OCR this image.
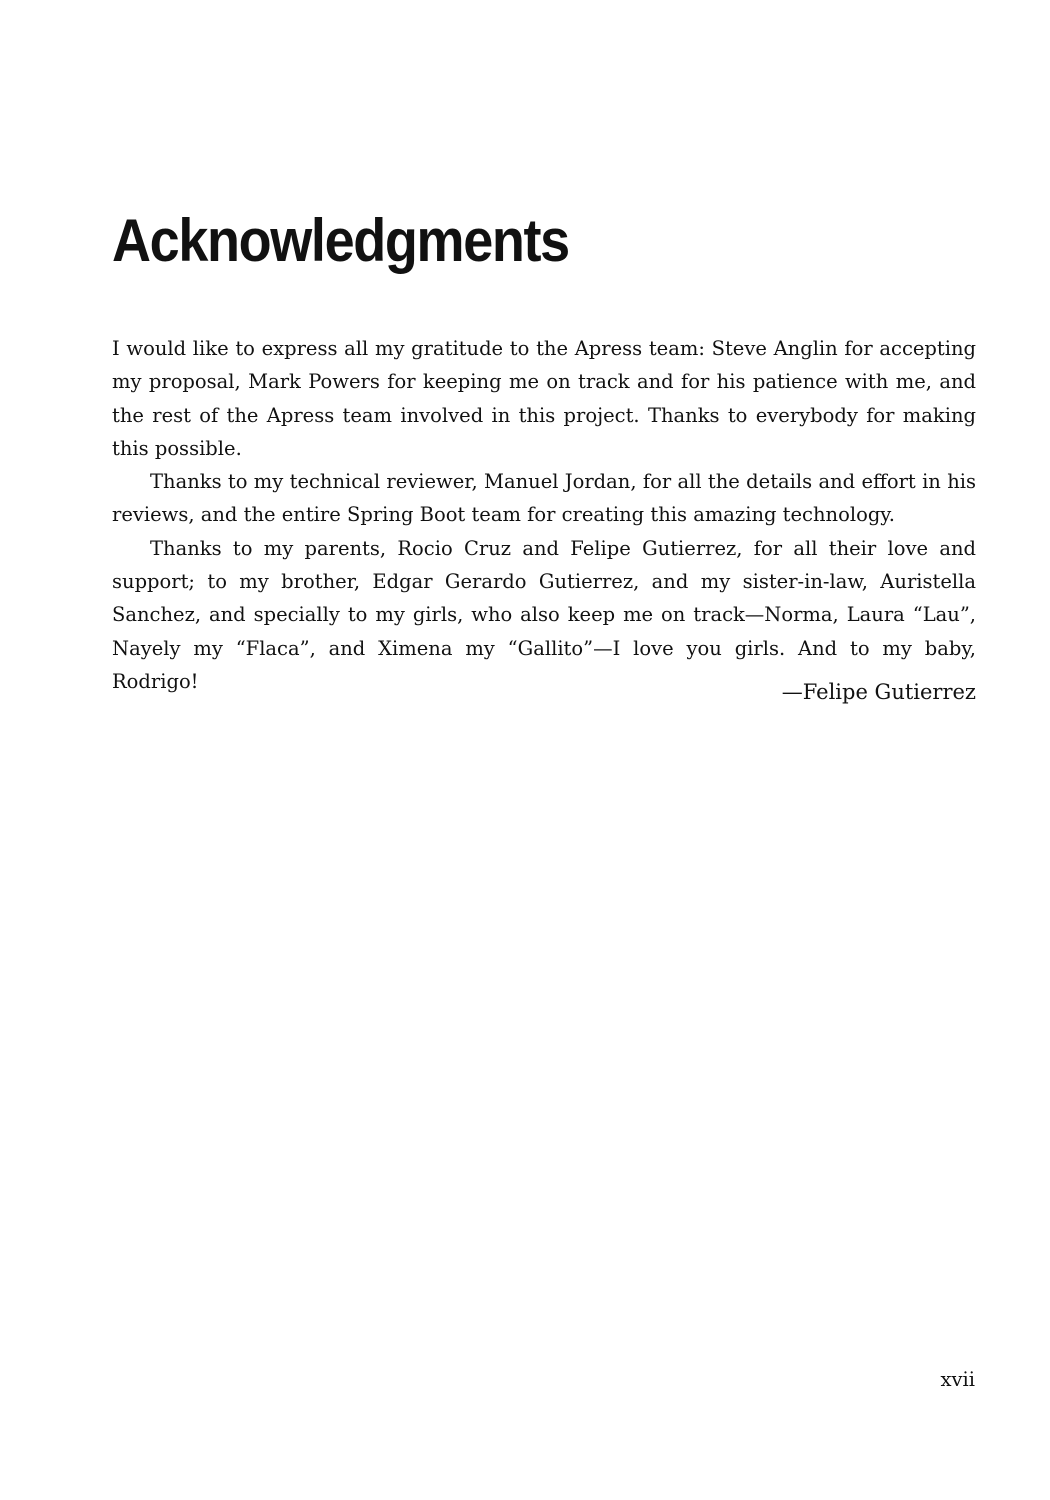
Acknowledgments

I would like to express all my gratitude to the Apress team: Steve Anglin for accepting my proposal, Mark Powers for keeping me on track and for his patience with me, and the rest of the Apress team involved in this project. Thanks to everybody for making this possible.

Thanks to my technical reviewer, Manuel Jordan, for all the details and effort in his reviews, and the entire Spring Boot team for creating this amazing technology.

Thanks to my parents, Rocio Cruz and Felipe Gutierrez, for all their love and support; to my brother, Edgar Gerardo Gutierrez, and my sister-in-law, Auristella Sanchez, and specially to my girls, who also keep me on track—Norma, Laura “Lau”, Nayely my “Flaca”, and Ximena my “Gallito”—I love you girls. And to my baby, Rodrigo!	—Felipe Gutierrez
xvii
